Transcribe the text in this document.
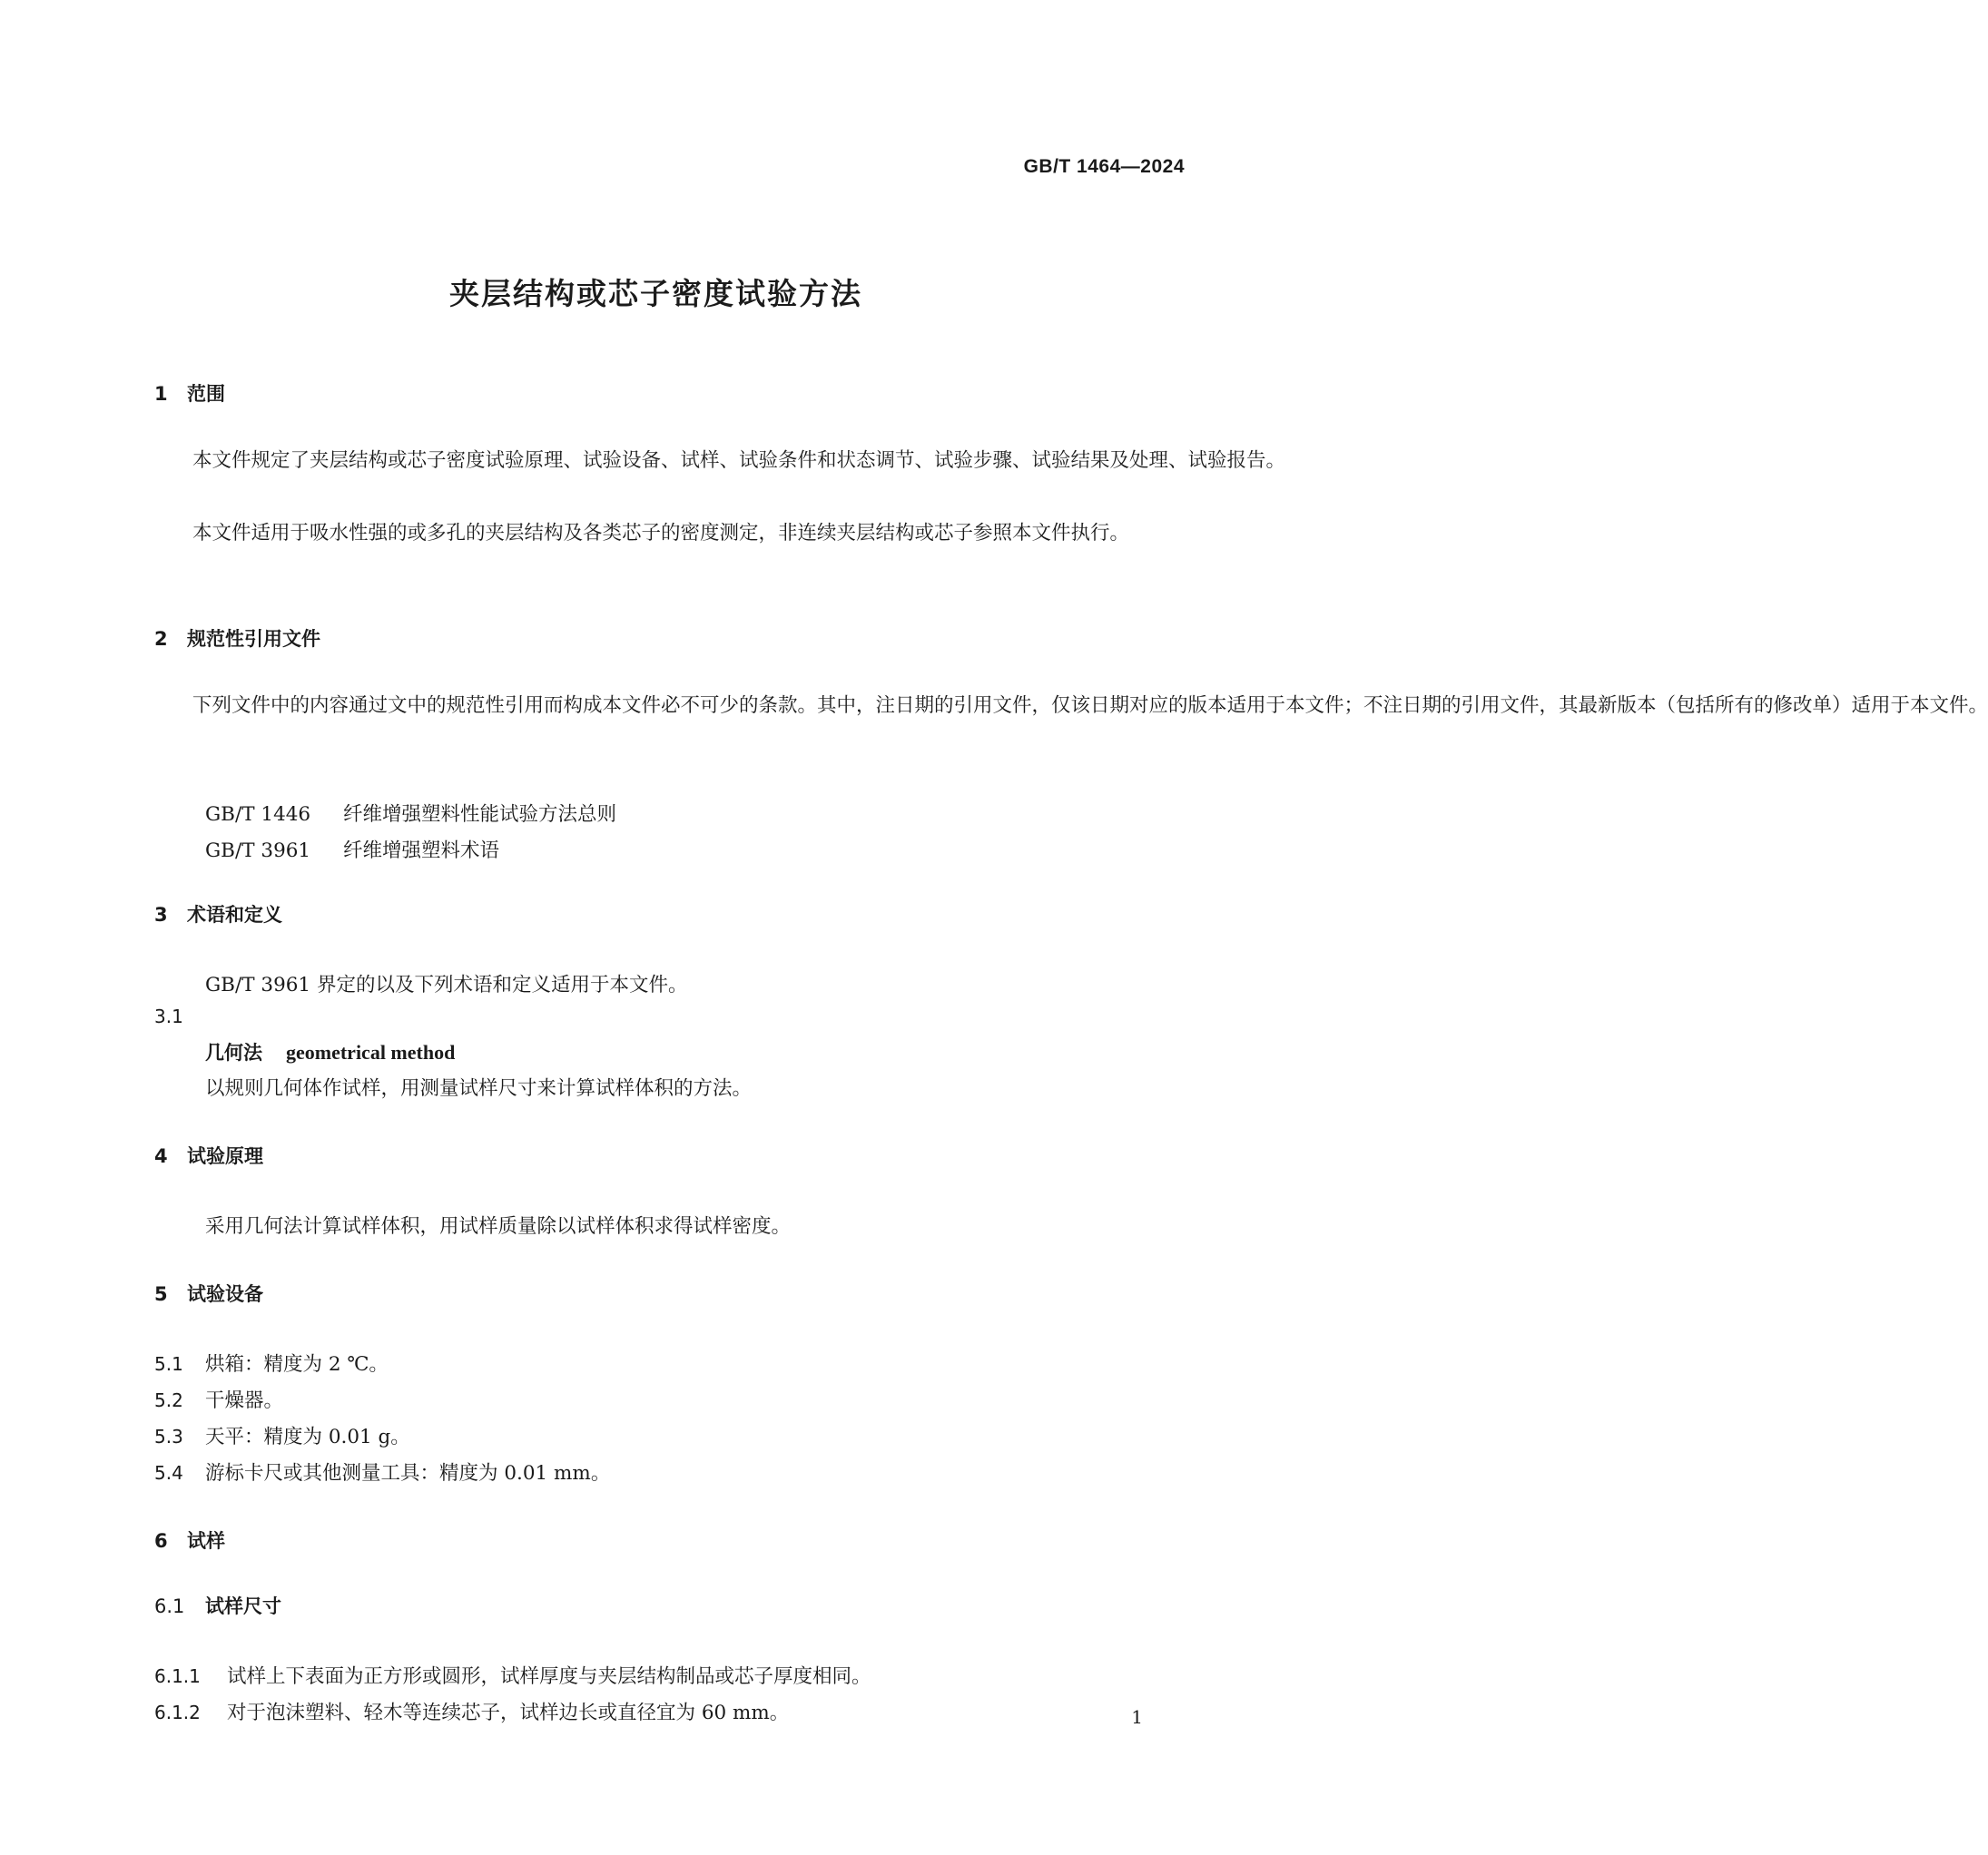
GB/T 1464—2024
夹层结构或芯子密度试验方法
1 范围
本文件规定了夹层结构或芯子密度试验原理、试验设备、试样、试验条件和状态调节、试验步骤、试验结果及处理、试验报告。
本文件适用于吸水性强的或多孔的夹层结构及各类芯子的密度测定，非连续夹层结构或芯子参照本文件执行。
2 规范性引用文件
下列文件中的内容通过文中的规范性引用而构成本文件必不可少的条款。其中，注日期的引用文件，仅该日期对应的版本适用于本文件；不注日期的引用文件，其最新版本（包括所有的修改单）适用于本文件。
GB/T 1446 纤维增强塑料性能试验方法总则
GB/T 3961 纤维增强塑料术语
3 术语和定义
GB/T 3961 界定的以及下列术语和定义适用于本文件。
3.1
几何法 geometrical method
以规则几何体作试样，用测量试样尺寸来计算试样体积的方法。
4 试验原理
采用几何法计算试样体积，用试样质量除以试样体积求得试样密度。
5 试验设备
5.1 烘箱：精度为 2 ℃。
5.2 干燥器。
5.3 天平：精度为 0.01 g。
5.4 游标卡尺或其他测量工具：精度为 0.01 mm。
6 试样
6.1 试样尺寸
6.1.1 试样上下表面为正方形或圆形，试样厚度与夹层结构制品或芯子厚度相同。
6.1.2 对于泡沫塑料、轻木等连续芯子，试样边长或直径宜为 60 mm。	1
